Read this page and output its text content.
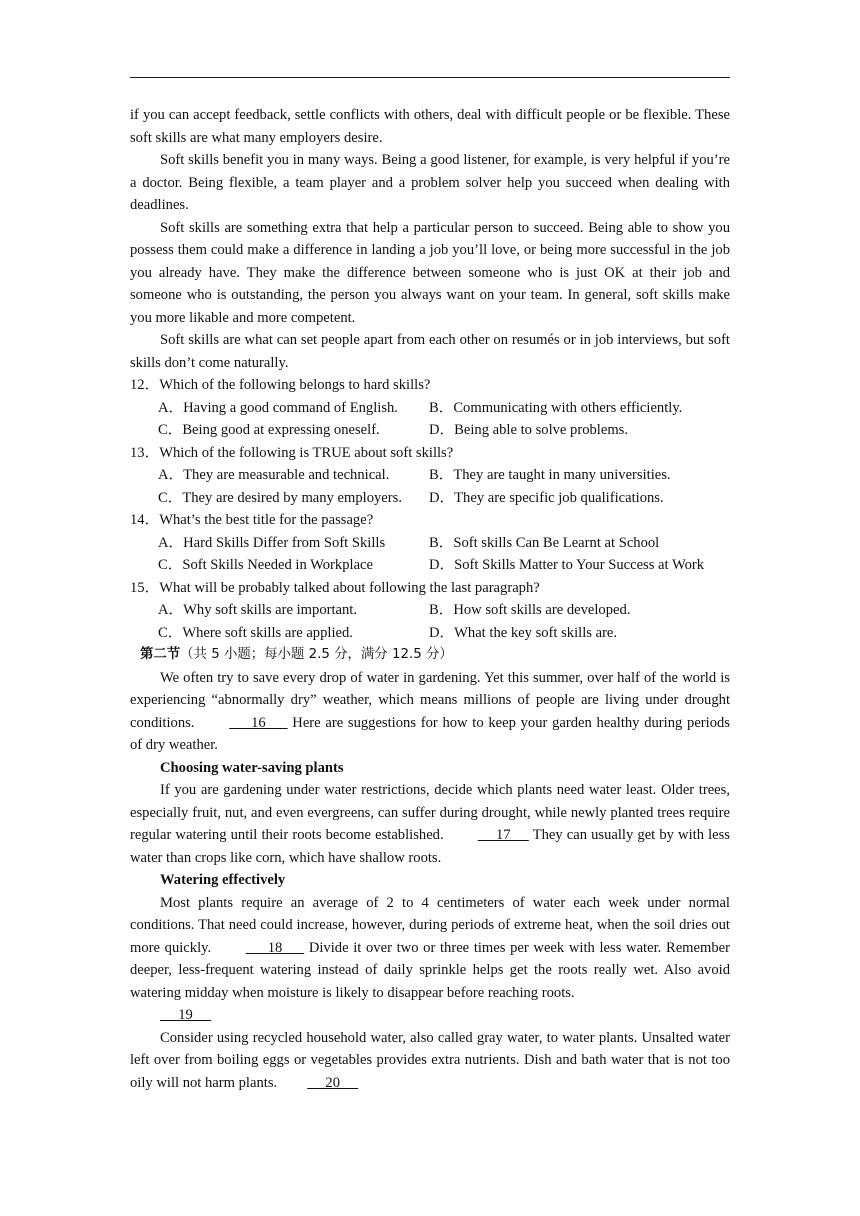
if you can accept feedback, settle conflicts with others, deal with difficult people or be flexible. These soft skills are what many employers desire.

Soft skills benefit you in many ways. Being a good listener, for example, is very helpful if you’re a doctor. Being flexible, a team player and a problem solver help you succeed when dealing with deadlines.

Soft skills are something extra that help a particular person to succeed. Being able to show you possess them could make a difference in landing a job you’ll love, or being more successful in the job you already have. They make the difference between someone who is just OK at their job and someone who is outstanding, the person you always want on your team. In general, soft skills make you more likable and more competent.

Soft skills are what can set people apart from each other on resumés or in job interviews, but soft skills don’t come naturally.

12．Which of the following belongs to hard skills?

A．Having a good command of English.	B．Communicating with others efficiently.
C．Being good at expressing oneself.	D．Being able to solve problems.

13．Which of the following is TRUE about soft skills?

A．They are measurable and technical.	B．They are taught in many universities.
C．They are desired by many employers.	D．They are specific job qualifications.

14．What’s the best title for the passage?

A．Hard Skills Differ from Soft Skills	B．Soft skills Can Be Learnt at School
C．Soft Skills Needed in Workplace	D．Soft Skills Matter to Your Success at Work

15．What will be probably talked about following the last paragraph?

A．Why soft skills are important.	B．How soft skills are developed.
C．Where soft skills are applied.	D．What the key soft skills are.

第二节（共 5 小题；每小题 2.5 分，满分 12.5 分）

We often try to save every drop of water in gardening. Yet this summer, over half of the world is experiencing “abnormally dry” weather, which means millions of people are living under drought conditions.       16       Here are suggestions for how to keep your garden healthy during periods of dry weather.

Choosing water-saving plants

If you are gardening under water restrictions, decide which plants need water least. Older trees, especially fruit, nut, and even evergreens, can suffer during drought, while newly planted trees require regular watering until their roots become established.      17      They can usually get by with less water than crops like corn, which have shallow roots.

Watering effectively

Most plants require an average of 2 to 4 centimeters of water each week under normal conditions. That need could increase, however, during periods of extreme heat, when the soil dries out more quickly.       18       Divide it over two or three times per week with less water. Remember deeper, less-frequent watering instead of daily sprinkle helps get the roots really wet. Also avoid watering midday when moisture is likely to disappear before reaching roots.

19

Consider using recycled household water, also called gray water, to water plants. Unsalted water left over from boiling eggs or vegetables provides extra nutrients. Dish and bath water that is not too oily will not harm plants.     20
